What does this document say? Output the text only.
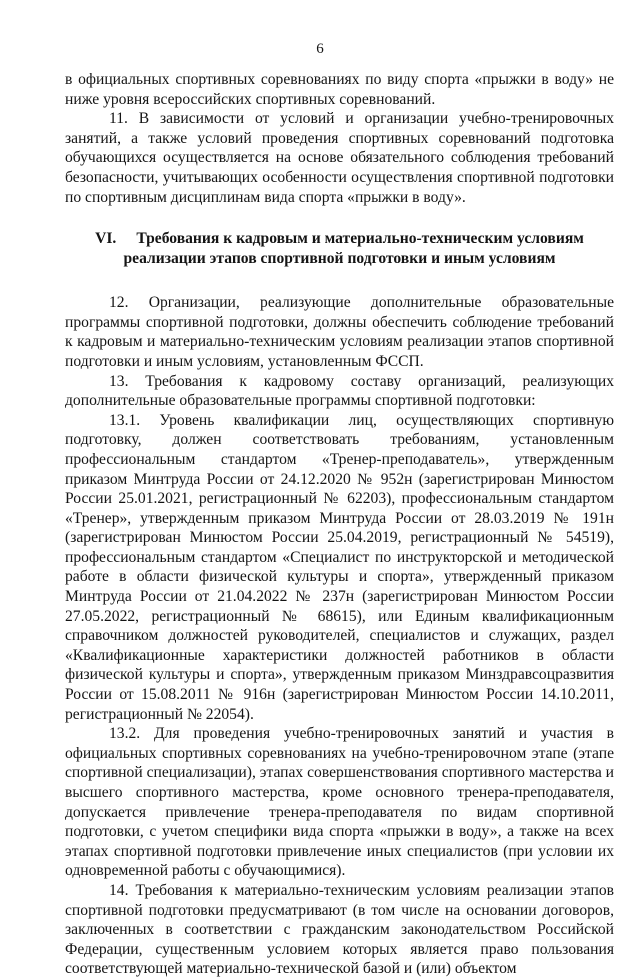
6

в официальных спортивных соревнованиях по виду спорта «прыжки в воду» не ниже уровня всероссийских спортивных соревнований.

11. В зависимости от условий и организации учебно-тренировочных занятий, а также условий проведения спортивных соревнований подготовка обучающихся осуществляется на основе обязательного соблюдения требований безопасности, учитывающих особенности осуществления спортивной подготовки по спортивным дисциплинам вида спорта «прыжки в воду».

VI. Требования к кадровым и материально-техническим условиям
реализации этапов спортивной подготовки и иным условиям

12. Организации, реализующие дополнительные образовательные программы спортивной подготовки, должны обеспечить соблюдение требований к кадровым и материально-техническим условиям реализации этапов спортивной подготовки и иным условиям, установленным ФССП.

13. Требования к кадровому составу организаций, реализующих дополнительные образовательные программы спортивной подготовки:

13.1. Уровень квалификации лиц, осуществляющих спортивную подготовку, должен соответствовать требованиям, установленным профессиональным стандартом «Тренер-преподаватель», утвержденным приказом Минтруда России от 24.12.2020 № 952н (зарегистрирован Минюстом России 25.01.2021, регистрационный № 62203), профессиональным стандартом «Тренер», утвержденным приказом Минтруда России от 28.03.2019 № 191н (зарегистрирован Минюстом России 25.04.2019, регистрационный № 54519), профессиональным стандартом «Специалист по инструкторской и методической работе в области физической культуры и спорта», утвержденный приказом Минтруда России от 21.04.2022 № 237н (зарегистрирован Минюстом России 27.05.2022, регистрационный № 68615), или Единым квалификационным справочником должностей руководителей, специалистов и служащих, раздел «Квалификационные характеристики должностей работников в области физической культуры и спорта», утвержденным приказом Минздравсоцразвития России от 15.08.2011 № 916н (зарегистрирован Минюстом России 14.10.2011, регистрационный № 22054).

13.2. Для проведения учебно-тренировочных занятий и участия в официальных спортивных соревнованиях на учебно-тренировочном этапе (этапе спортивной специализации), этапах совершенствования спортивного мастерства и высшего спортивного мастерства, кроме основного тренера-преподавателя, допускается привлечение тренера-преподавателя по видам спортивной подготовки, с учетом специфики вида спорта «прыжки в воду», а также на всех этапах спортивной подготовки привлечение иных специалистов (при условии их одновременной работы с обучающимися).

14. Требования к материально-техническим условиям реализации этапов спортивной подготовки предусматривают (в том числе на основании договоров, заключенных в соответствии с гражданским законодательством Российской Федерации, существенным условием которых является право пользования соответствующей материально-технической базой и (или) объектом
